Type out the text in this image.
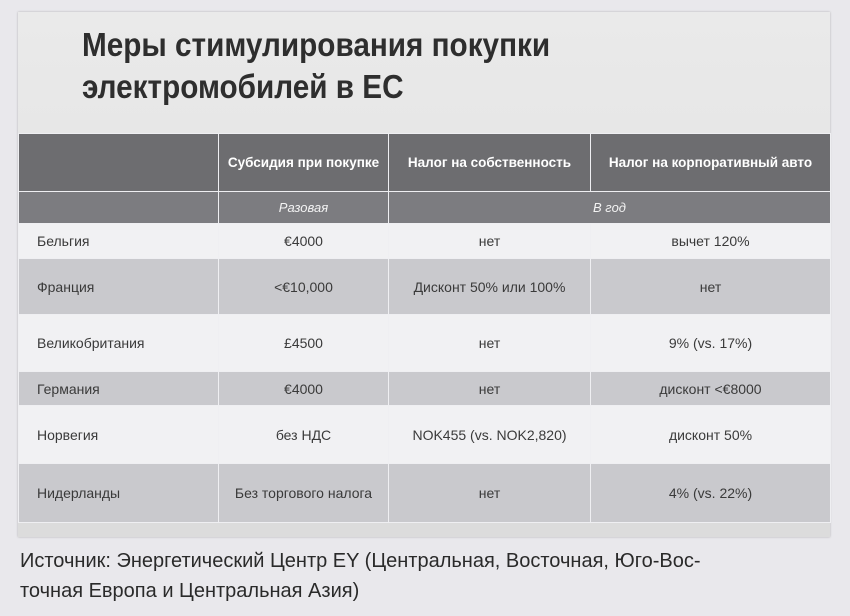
Меры стимулирования покупки
электромобилей в ЕС
	Субсидия при покупке	Налог на собственность	Налог на корпоративный авто
	Разовая	В год	
Бельгия	€4000	нет	вычет 120%
Франция	<€10,000	Дисконт 50% или 100%	нет
Великобритания	£4500	нет	9% (vs. 17%)
Германия	€4000	нет	дисконт <€8000
Норвегия	без НДС	NOK455 (vs. NOK2,820)	дисконт 50%
Нидерланды	Без торгового налога	нет	4% (vs. 22%)
Источник: Энергетический Центр EY (Центральная, Восточная, Юго-Вос-
точная Европа и Центральная Азия)
